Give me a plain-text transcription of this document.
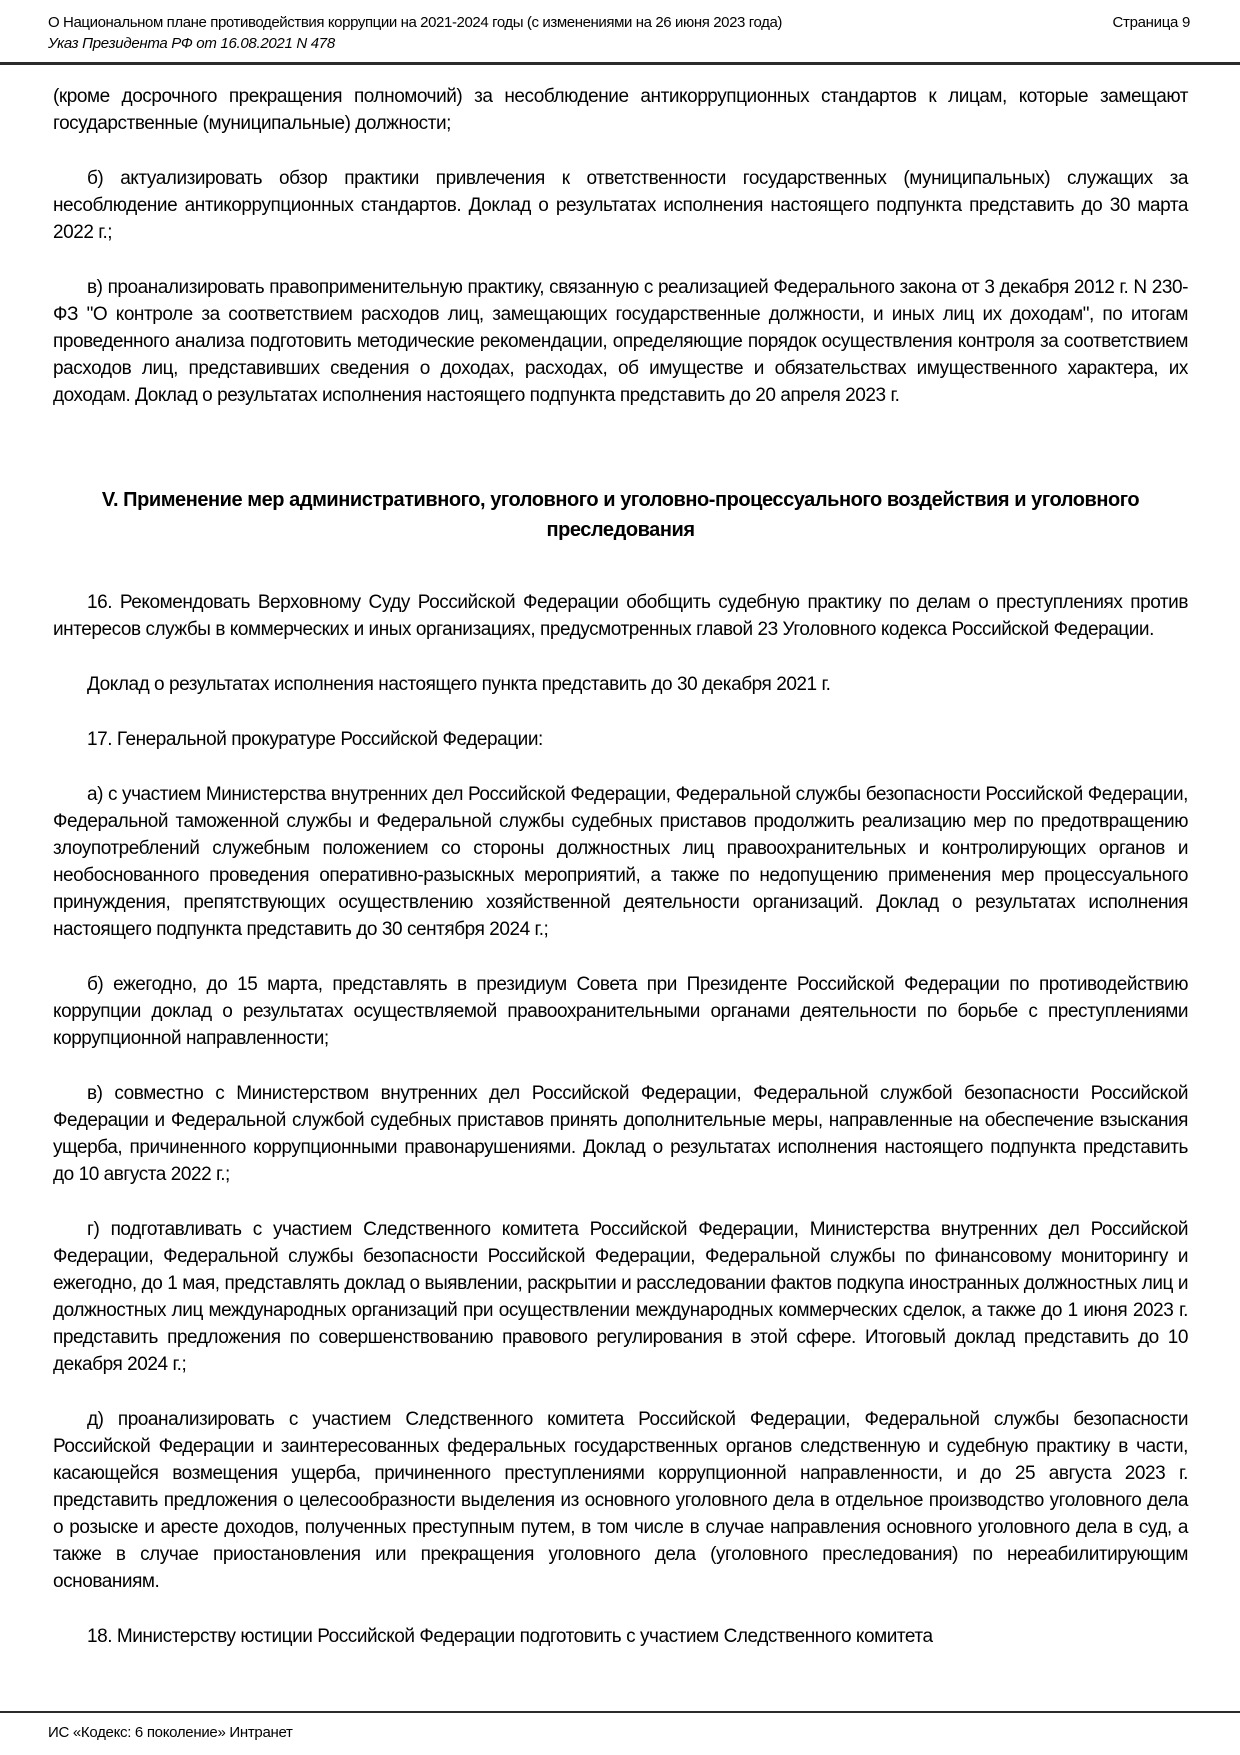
О Национальном плане противодействия коррупции на 2021-2024 годы (с изменениями на 26 июня 2023 года)	Страница 9
Указ Президента РФ от 16.08.2021 N 478

(кроме досрочного прекращения полномочий) за несоблюдение антикоррупционных стандартов к лицам, которые замещают государственные (муниципальные) должности;

б) актуализировать обзор практики привлечения к ответственности государственных (муниципальных) служащих за несоблюдение антикоррупционных стандартов. Доклад о результатах исполнения настоящего подпункта представить до 30 марта 2022 г.;

в) проанализировать правоприменительную практику, связанную с реализацией Федерального закона от 3 декабря 2012 г. N 230-ФЗ "О контроле за соответствием расходов лиц, замещающих государственные должности, и иных лиц их доходам", по итогам проведенного анализа подготовить методические рекомендации, определяющие порядок осуществления контроля за соответствием расходов лиц, представивших сведения о доходах, расходах, об имуществе и обязательствах имущественного характера, их доходам. Доклад о результатах исполнения настоящего подпункта представить до 20 апреля 2023 г.

V. Применение мер административного, уголовного и уголовно-процессуального воздействия и уголовного преследования

16. Рекомендовать Верховному Суду Российской Федерации обобщить судебную практику по делам о преступлениях против интересов службы в коммерческих и иных организациях, предусмотренных главой 23 Уголовного кодекса Российской Федерации.

Доклад о результатах исполнения настоящего пункта представить до 30 декабря 2021 г.

17. Генеральной прокуратуре Российской Федерации:

а) с участием Министерства внутренних дел Российской Федерации, Федеральной службы безопасности Российской Федерации, Федеральной таможенной службы и Федеральной службы судебных приставов продолжить реализацию мер по предотвращению злоупотреблений служебным положением со стороны должностных лиц правоохранительных и контролирующих органов и необоснованного проведения оперативно-разыскных мероприятий, а также по недопущению применения мер процессуального принуждения, препятствующих осуществлению хозяйственной деятельности организаций. Доклад о результатах исполнения настоящего подпункта представить до 30 сентября 2024 г.;

б) ежегодно, до 15 марта, представлять в президиум Совета при Президенте Российской Федерации по противодействию коррупции доклад о результатах осуществляемой правоохранительными органами деятельности по борьбе с преступлениями коррупционной направленности;

в) совместно с Министерством внутренних дел Российской Федерации, Федеральной службой безопасности Российской Федерации и Федеральной службой судебных приставов принять дополнительные меры, направленные на обеспечение взыскания ущерба, причиненного коррупционными правонарушениями. Доклад о результатах исполнения настоящего подпункта представить до 10 августа 2022 г.;

г) подготавливать с участием Следственного комитета Российской Федерации, Министерства внутренних дел Российской Федерации, Федеральной службы безопасности Российской Федерации, Федеральной службы по финансовому мониторингу и ежегодно, до 1 мая, представлять доклад о выявлении, раскрытии и расследовании фактов подкупа иностранных должностных лиц и должностных лиц международных организаций при осуществлении международных коммерческих сделок, а также до 1 июня 2023 г. представить предложения по совершенствованию правового регулирования в этой сфере. Итоговый доклад представить до 10 декабря 2024 г.;

д) проанализировать с участием Следственного комитета Российской Федерации, Федеральной службы безопасности Российской Федерации и заинтересованных федеральных государственных органов следственную и судебную практику в части, касающейся возмещения ущерба, причиненного преступлениями коррупционной направленности, и до 25 августа 2023 г. представить предложения о целесообразности выделения из основного уголовного дела в отдельное производство уголовного дела о розыске и аресте доходов, полученных преступным путем, в том числе в случае направления основного уголовного дела в суд, а также в случае приостановления или прекращения уголовного дела (уголовного преследования) по нереабилитирующим основаниям.

18. Министерству юстиции Российской Федерации подготовить с участием Следственного комитета

ИС «Кодекс: 6 поколение» Интранет
